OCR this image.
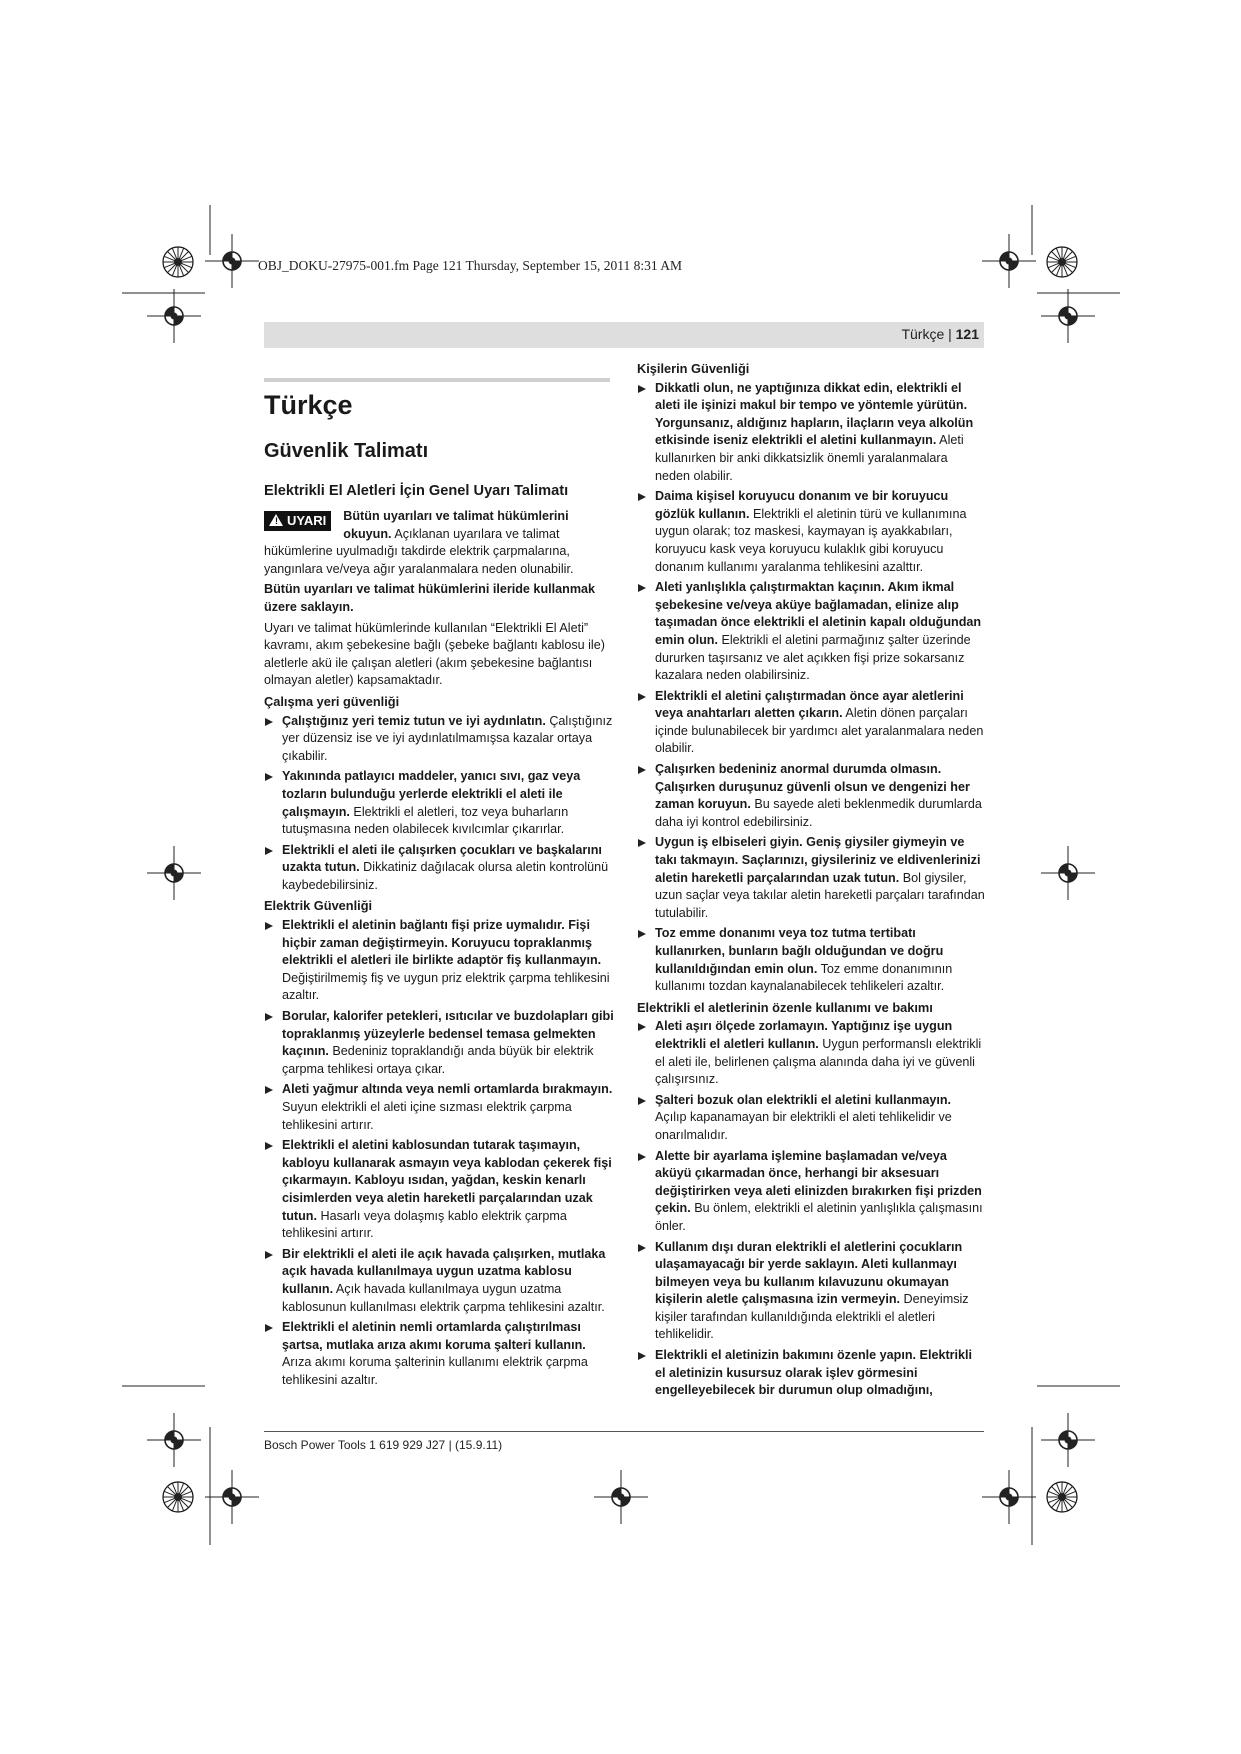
OBJ_DOKU-27975-001.fm Page 121 Thursday, September 15, 2011 8:31 AM
Türkçe | 121
Türkçe
Güvenlik Talimatı
Elektrikli El Aletleri İçin Genel Uyarı Talimatı

! UYARI	Bütün uyarıları ve talimat hükümlerini okuyun. Açıklanan uyarılara ve talimat hükümlerine uyulmadığı takdirde elektrik çarpmalarına, yangınlara ve/veya ağır yaralanmalara neden olunabilir.

Bütün uyarıları ve talimat hükümlerini ileride kullanmak üzere saklayın.

Uyarı ve talimat hükümlerinde kullanılan “Elektrikli El Aleti” kavramı, akım şebekesine bağlı (şebeke bağlantı kablosu ile) aletlerle akü ile çalışan aletleri (akım şebekesine bağlantısı olmayan aletler) kapsamaktadır.

Çalışma yeri güvenliği
Çalıştığınız yeri temiz tutun ve iyi aydınlatın. Çalıştığınız yer düzensiz ise ve iyi aydınlatılmamışsa kazalar ortaya çıkabilir.
Yakınında patlayıcı maddeler, yanıcı sıvı, gaz veya tozların bulunduğu yerlerde elektrikli el aleti ile çalışmayın. Elektrikli el aletleri, toz veya buharların tutuşmasına neden olabilecek kıvılcımlar çıkarırlar.
Elektrikli el aleti ile çalışırken çocukları ve başkalarını uzakta tutun. Dikkatiniz dağılacak olursa aletin kontrolünü kaybedebilirsiniz.
Elektrik Güvenliği
Elektrikli el aletinin bağlantı fişi prize uymalıdır. Fişi hiçbir zaman değiştirmeyin. Koruyucu topraklanmış elektrikli el aletleri ile birlikte adaptör fiş kullanmayın. Değiştirilmemiş fiş ve uygun priz elektrik çarpma tehlikesini azaltır.
Borular, kalorifer petekleri, ısıtıcılar ve buzdolapları gibi topraklanmış yüzeylerle bedensel temasa gelmekten kaçının. Bedeniniz topraklandığı anda büyük bir elektrik çarpma tehlikesi ortaya çıkar.
Aleti yağmur altında veya nemli ortamlarda bırakmayın. Suyun elektrikli el aleti içine sızması elektrik çarpma tehlikesini artırır.
Elektrikli el aletini kablosundan tutarak taşımayın, kabloyu kullanarak asmayın veya kablodan çekerek fişi çıkarmayın. Kabloyu ısıdan, yağdan, keskin kenarlı cisimlerden veya aletin hareketli parçalarından uzak tutun. Hasarlı veya dolaşmış kablo elektrik çarpma tehlikesini artırır.
Bir elektrikli el aleti ile açık havada çalışırken, mutlaka açık havada kullanılmaya uygun uzatma kablosu kullanın. Açık havada kullanılmaya uygun uzatma kablosunun kullanılması elektrik çarpma tehlikesini azaltır.
Elektrikli el aletinin nemli ortamlarda çalıştırılması şartsa, mutlaka arıza akımı koruma şalteri kullanın. Arıza akımı koruma şalterinin kullanımı elektrik çarpma tehlikesini azaltır.
Kişilerin Güvenliği
Dikkatli olun, ne yaptığınıza dikkat edin, elektrikli el aleti ile işinizi makul bir tempo ve yöntemle yürütün. Yorgunsanız, aldığınız hapların, ilaçların veya alkolün etkisinde iseniz elektrikli el aletini kullanmayın. Aleti kullanırken bir anki dikkatsizlik önemli yaralanmalara neden olabilir.
Daima kişisel koruyucu donanım ve bir koruyucu gözlük kullanın. Elektrikli el aletinin türü ve kullanımına uygun olarak; toz maskesi, kaymayan iş ayakkabıları, koruyucu kask veya koruyucu kulaklık gibi koruyucu donanım kullanımı yaralanma tehlikesini azalttır.
Aleti yanlışlıkla çalıştırmaktan kaçının. Akım ikmal şebekesine ve/veya aküye bağlamadan, elinize alıp taşımadan önce elektrikli el aletinin kapalı olduğundan emin olun. Elektrikli el aletini parmağınız şalter üzerinde dururken taşırsanız ve alet açıkken fişi prize sokarsanız kazalara neden olabilirsiniz.
Elektrikli el aletini çalıştırmadan önce ayar aletlerini veya anahtarları aletten çıkarın. Aletin dönen parçaları içinde bulunabilecek bir yardımcı alet yaralanmalara neden olabilir.
Çalışırken bedeniniz anormal durumda olmasın. Çalışırken duruşunuz güvenli olsun ve dengenizi her zaman koruyun. Bu sayede aleti beklenmedik durumlarda daha iyi kontrol edebilirsiniz.
Uygun iş elbiseleri giyin. Geniş giysiler giymeyin ve takı takmayın. Saçlarınızı, giysileriniz ve eldivenlerinizi aletin hareketli parçalarından uzak tutun. Bol giysiler, uzun saçlar veya takılar aletin hareketli parçaları tarafından tutulabilir.
Toz emme donanımı veya toz tutma tertibatı kullanırken, bunların bağlı olduğundan ve doğru kullanıldığından emin olun. Toz emme donanımının kullanımı tozdan kaynalanabilecek tehlikeleri azaltır.
Elektrikli el aletlerinin özenle kullanımı ve bakımı
Aleti aşırı ölçede zorlamayın. Yaptığınız işe uygun elektrikli el aletleri kullanın. Uygun performanslı elektrikli el aleti ile, belirlenen çalışma alanında daha iyi ve güvenli çalışırsınız.
Şalteri bozuk olan elektrikli el aletini kullanmayın. Açılıp kapanamayan bir elektrikli el aleti tehlikelidir ve onarılmalıdır.
Alette bir ayarlama işlemine başlamadan ve/veya aküyü çıkarmadan önce, herhangi bir aksesuarı değiştirirken veya aleti elinizden bırakırken fişi prizden çekin. Bu önlem, elektrikli el aletinin yanlışlıkla çalışmasını önler.
Kullanım dışı duran elektrikli el aletlerini çocukların ulaşamayacağı bir yerde saklayın. Aleti kullanmayı bilmeyen veya bu kullanım kılavuzunu okumayan kişilerin aletle çalışmasına izin vermeyin. Deneyimsiz kişiler tarafından kullanıldığında elektrikli el aletleri tehlikelidir.
Elektrikli el aletinizin bakımını özenle yapın. Elektrikli el aletinizin kusursuz olarak işlev görmesini engelleyebilecek bir durumun olup olmadığını,
Bosch Power Tools 1 619 929 J27 | (15.9.11)
